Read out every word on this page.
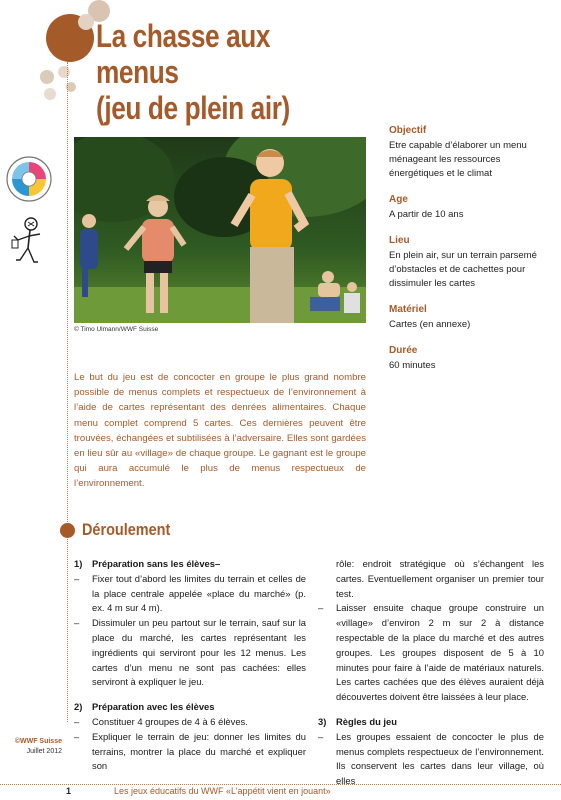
La chasse aux menus
(jeu de plein air)
© Timo Ulmann/WWF Suisse
Objectif
Etre capable d’élaborer un menu ménageant les ressources énergétiques et le climat
Age
A partir de 10 ans
Lieu
En plein air, sur un terrain parsemé d’obstacles et de cachettes pour dissimuler les cartes
Matériel
Cartes (en annexe)
Durée
60 minutes

Le but du jeu est de concocter en groupe le plus grand nombre possible de menus complets et respectueux de l’environnement à l’aide de cartes représentant des denrées alimentaires. Chaque menu complet comprend 5 cartes. Ces dernières peuvent être trouvées, échangées et subtilisées à l’adversaire. Elles sont gardées en lieu sûr au «village» de chaque groupe. Le gagnant est le groupe qui aura accumulé le plus de menus respectueux de l’environnement.

Déroulement
1)	Préparation sans les élèves–
–	Fixer tout d’abord les limites du terrain et celles de la place centrale appelée «place du marché» (p. ex. 4 m sur 4 m).
–	Dissimuler un peu partout sur le terrain, sauf sur la place du marché, les cartes représentant les ingrédients qui serviront pour les 12 menus. Les cartes d’un menu ne sont pas cachées: elles serviront à expliquer le jeu.
2)	Préparation avec les élèves
–	Constituer 4 groupes de 4 à 6 élèves.
–	Expliquer le terrain de jeu: donner les limites du terrains, montrer la place du marché et expliquer son
rôle: endroit stratégique où s’échangent les cartes. Eventuellement organiser un premier tour test.
–	Laisser ensuite chaque groupe construire un «village» d’environ 2 m sur 2 à distance respectable de la place du marché et des autres groupes. Les groupes disposent de 5 à 10 minutes pour faire à l’aide de matériaux naturels. Les cartes cachées que des élèves auraient déjà découvertes doivent être laissées à leur place.
3)	Règles du jeu
–	Les groupes essaient de concocter le plus de menus complets respectueux de l’environnement. Ils conservent les cartes dans leur village, où elles
©WWF Suisse
Juillet 2012
1	Les jeux éducatifs du WWF «L’appétit vient en jouant»
